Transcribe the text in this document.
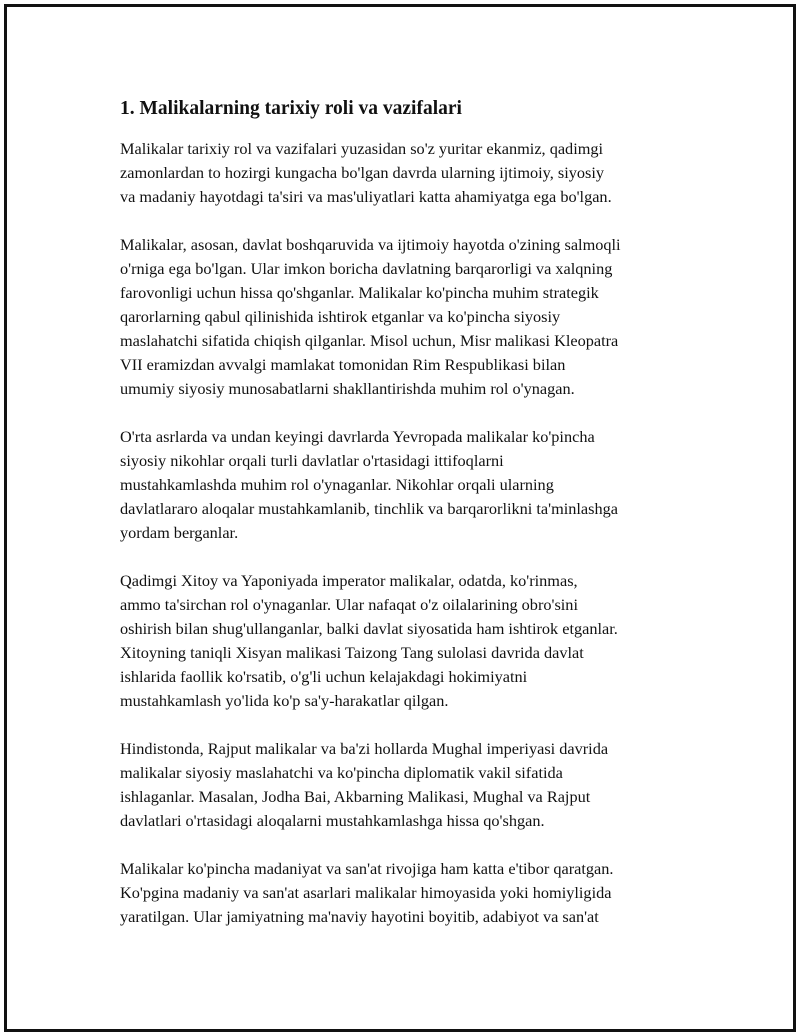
1. Malikalarning tarixiy roli va vazifalari
Malikalar tarixiy rol va vazifalari yuzasidan so'z yuritar ekanmiz, qadimgi
zamonlardan to hozirgi kungacha bo'lgan davrda ularning ijtimoiy, siyosiy
va madaniy hayotdagi ta'siri va mas'uliyatlari katta ahamiyatga ega bo'lgan.
Malikalar, asosan, davlat boshqaruvida va ijtimoiy hayotda o'zining salmoqli
o'rniga ega bo'lgan. Ular imkon boricha davlatning barqarorligi va xalqning
farovonligi uchun hissa qo'shganlar. Malikalar ko'pincha muhim strategik
qarorlarning qabul qilinishida ishtirok etganlar va ko'pincha siyosiy
maslahatchi sifatida chiqish qilganlar. Misol uchun, Misr malikasi Kleopatra
VII eramizdan avvalgi mamlakat tomonidan Rim Respublikasi bilan
umumiy siyosiy munosabatlarni shakllantirishda muhim rol o'ynagan.
O'rta asrlarda va undan keyingi davrlarda Yevropada malikalar ko'pincha
siyosiy nikohlar orqali turli davlatlar o'rtasidagi ittifoqlarni
mustahkamlashda muhim rol o'ynaganlar. Nikohlar orqali ularning
davlatlararo aloqalar mustahkamlanib, tinchlik va barqarorlikni ta'minlashga
yordam berganlar.
Qadimgi Xitoy va Yaponiyada imperator malikalar, odatda, ko'rinmas,
ammo ta'sirchan rol o'ynaganlar. Ular nafaqat o'z oilalarining obro'sini
oshirish bilan shug'ullanganlar, balki davlat siyosatida ham ishtirok etganlar.
Xitoyning taniqli Xisyan malikasi Taizong Tang sulolasi davrida davlat
ishlarida faollik ko'rsatib, o'g'li uchun kelajakdagi hokimiyatni
mustahkamlash yo'lida ko'p sa'y-harakatlar qilgan.
Hindistonda, Rajput malikalar va ba'zi hollarda Mughal imperiyasi davrida
malikalar siyosiy maslahatchi va ko'pincha diplomatik vakil sifatida
ishlaganlar. Masalan, Jodha Bai, Akbarning Malikasi, Mughal va Rajput
davlatlari o'rtasidagi aloqalarni mustahkamlashga hissa qo'shgan.
Malikalar ko'pincha madaniyat va san'at rivojiga ham katta e'tibor qaratgan.
Ko'pgina madaniy va san'at asarlari malikalar himoyasida yoki homiyligida
yaratilgan. Ular jamiyatning ma'naviy hayotini boyitib, adabiyot va san'at
